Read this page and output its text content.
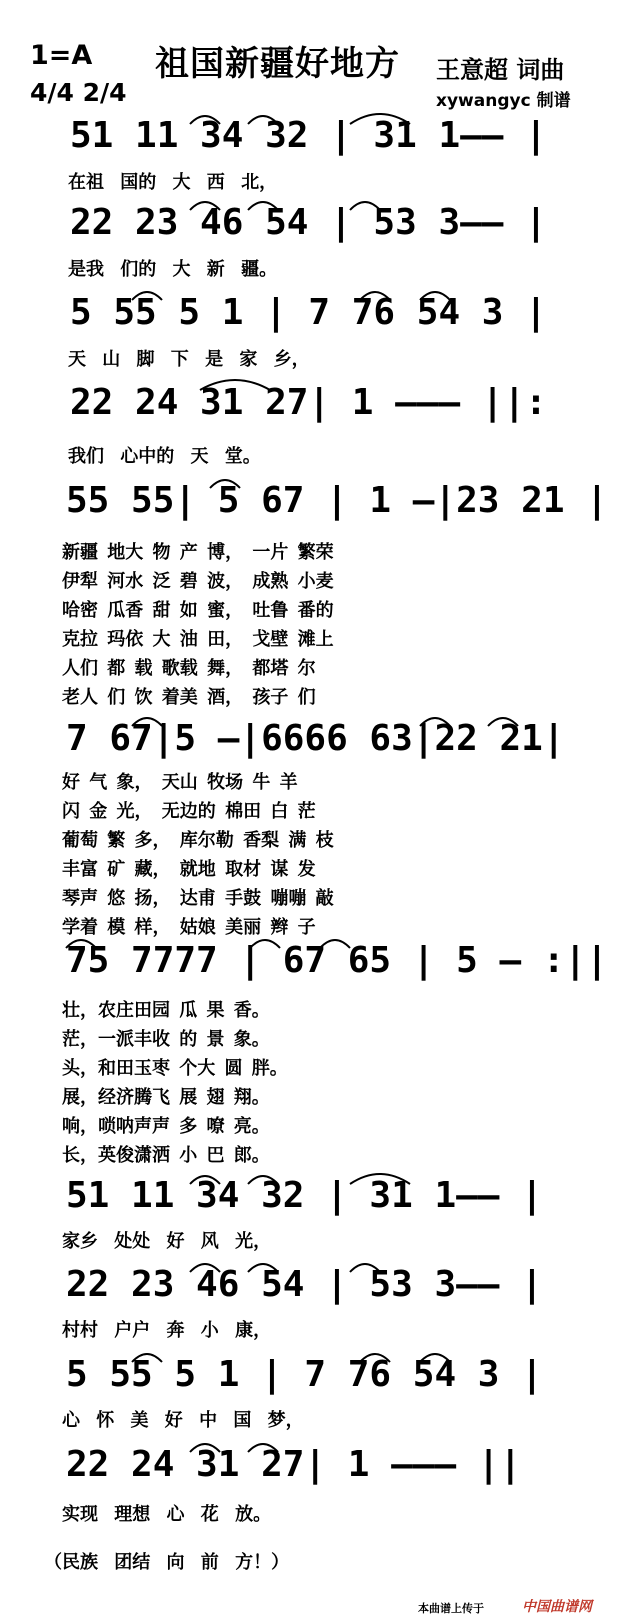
1=A
4/4 2/4
祖国新疆好地方 王意超 词曲
xywangyc 制谱
51 11 34 32 | 31 1—— |
在祖 国的 大 西 北，
22 23 46 54 | 53 3—— |
是我 们的 大 新 疆。
5 55 5 1 | 7 76 54 3 |
天 山 脚 下 是 家 乡，
22 24 31 27| 1 ——— ||:
我们 心中的 天 堂。
55 55| 5 67 | 1 —|23 21 |
新疆 地大 物 产 博， 一片 繁荣
伊犁 河水 泛 碧 波， 成熟 小麦
哈密 瓜香 甜 如 蜜， 吐鲁 番的
克拉 玛依 大 油 田， 戈壁 滩上
人们 都 载 歌载 舞， 都塔 尔
老人 们 饮 着美 酒， 孩子 们
7 67|5 —|6666 63|22 21|
好 气 象， 天山 牧场 牛 羊
闪 金 光， 无边的 棉田 白 茫
葡萄 繁 多， 库尔勒 香梨 满 枝
丰富 矿 藏， 就地 取材 谋 发
琴声 悠 扬， 达甫 手鼓 嘣嘣 敲
学着 模 样， 姑娘 美丽 辫 子
75 7777 | 67 65 | 5 — :||
壮，农庄田园 瓜 果 香。
茫，一派丰收 的 景 象。
头，和田玉枣 个大 圆 胖。
展，经济腾飞 展 翅 翔。
响，唢呐声声 多 嘹 亮。
长，英俊潇洒 小 巴 郎。
51 11 34 32 | 31 1—— |
家乡 处处 好 风 光，
22 23 46 54 | 53 3—— |
村村 户户 奔 小 康，
5 55 5 1 | 7 76 54 3 |
心 怀 美 好 中 国 梦，
22 24 31 27| 1 ——— ||
实现 理想 心 花 放。
（民族 团结 向 前 方！）
本曲谱上传于	中国曲谱网
